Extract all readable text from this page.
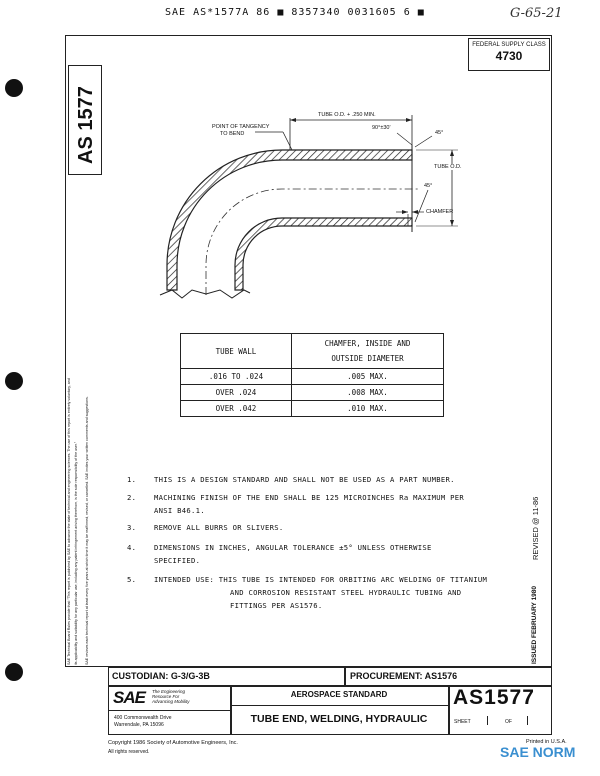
SAE AS*1577A 86 ■ 8357340 0031605 6 ■	G-65-21
AS 1577
FEDERAL SUPPLY CLASS
4730
POINT OF TANGENCY
TO BEND
TUBE O.D. + .250 MIN.
90°±30'
45°
TUBE O.D.
45°
CHAMFER
TUBE WALL	CHAMFER, INSIDE AND
OUTSIDE DIAMETER

.016 TO .024	.005 MAX.
OVER .024	.008 MAX.
OVER .042	.010 MAX.
1. THIS IS A DESIGN STANDARD AND SHALL NOT BE USED AS A PART NUMBER.
2. MACHINING FINISH OF THE END SHALL BE 125 MICROINCHES Ra MAXIMUM PER
ANSI B46.1.
3. REMOVE ALL BURRS OR SLIVERS.
4. DIMENSIONS IN INCHES, ANGULAR TOLERANCE ±5° UNLESS OTHERWISE
SPECIFIED.
5. INTENDED USE: THIS TUBE IS INTENDED FOR ORBITING ARC WELDING OF TITANIUM
AND CORROSION RESISTANT STEEL HYDRAULIC TUBING AND
FITTINGS PER AS1576.	ISSUED FEBRUARY 1980
REVISED @ 11-86
SAE Technical Board Rules provide that: "This report is published by SAE to advance the state of technical and engineering sciences. The use of this report is entirely voluntary, and its applicability and suitability for any particular use, including any patent infringement arising therefrom, is the sole responsibility of the user." SAE reviews each technical report at least every five years at which time it may be reaffirmed, revised, or cancelled. SAE invites your written comments and suggestions.
CUSTODIAN: G-3/G-3B	PROCUREMENT: AS1576
SAE The Engineering
Resource For
Advancing Mobility
400 Commonwealth Drive
Warrendale, PA 15096
AEROSPACE STANDARD
TUBE END, WELDING, HYDRAULIC
AS1577
SHEET	OF
Copyright 1986 Society of Automotive Engineers, Inc.
All rights reserved.
Printed in U.S.A.
SAE NORM
